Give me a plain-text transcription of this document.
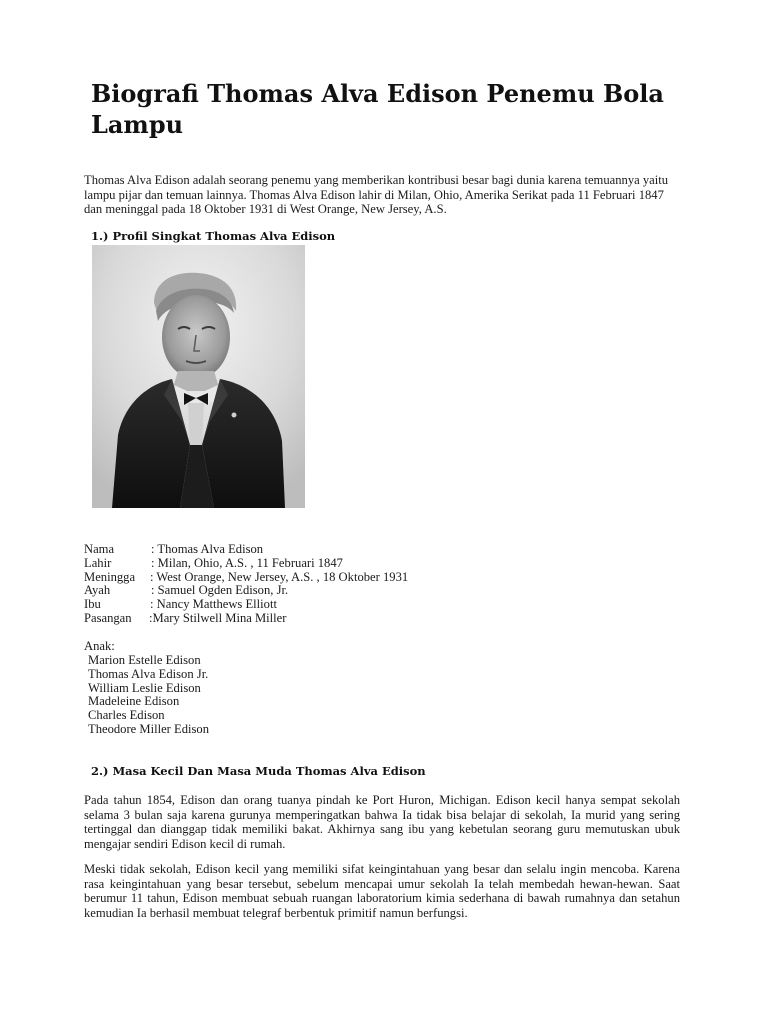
Biografi Thomas Alva Edison Penemu Bola Lampu

Thomas Alva Edison adalah seorang penemu yang memberikan kontribusi besar bagi dunia karena temuannya yaitu lampu pijar dan temuan lainnya. Thomas Alva Edison lahir di Milan, Ohio, Amerika Serikat pada 11 Februari 1847 dan meninggal pada 18 Oktober 1931 di West Orange, New Jersey, A.S.

1.) Profil Singkat Thomas Alva Edison
Nama	: Thomas Alva Edison
Lahir	: Milan, Ohio, A.S. , 11 Februari 1847
Meningga : West Orange, New Jersey, A.S. , 18 Oktober 1931
Ayah	: Samuel Ogden Edison, Jr.
Ibu	: Nancy Matthews Elliott
Pasangan :Mary Stilwell Mina Miller
Anak:
Marion Estelle Edison
Thomas Alva Edison Jr.
William Leslie Edison
Madeleine Edison
Charles Edison
Theodore Miller Edison
2.) Masa Kecil Dan Masa Muda Thomas Alva Edison

Pada tahun 1854, Edison dan orang tuanya pindah ke Port Huron, Michigan. Edison kecil hanya sempat sekolah selama 3 bulan saja karena gurunya memperingatkan bahwa Ia tidak bisa belajar di sekolah, Ia murid yang sering tertinggal dan dianggap tidak memiliki bakat. Akhirnya sang ibu yang kebetulan seorang guru memutuskan ubuk mengajar sendiri Edison kecil di rumah.

Meski tidak sekolah, Edison kecil yang memiliki sifat keingintahuan yang besar dan selalu ingin mencoba. Karena rasa keingintahuan yang besar tersebut, sebelum mencapai umur sekolah Ia telah membedah hewan-hewan. Saat berumur 11 tahun, Edison membuat sebuah ruangan laboratorium kimia sederhana di bawah rumahnya dan setahun kemudian Ia berhasil membuat telegraf berbentuk primitif namun berfungsi.
